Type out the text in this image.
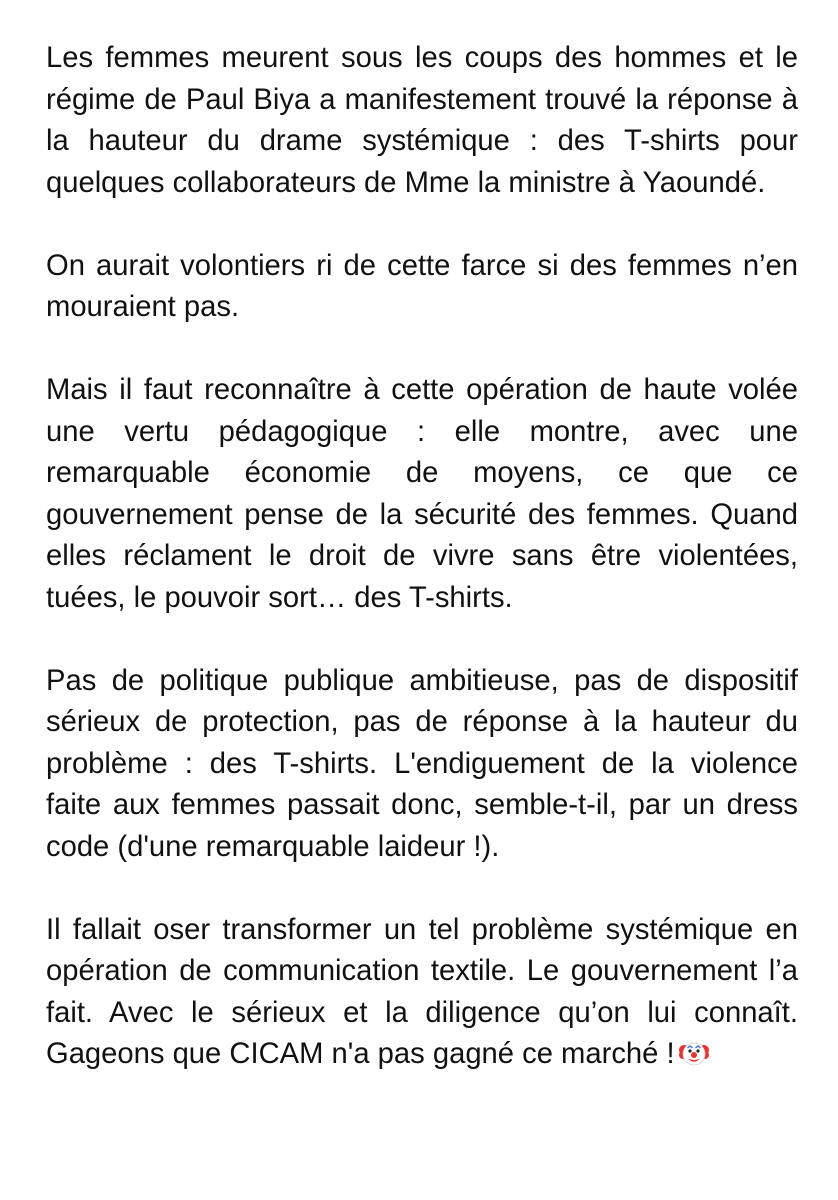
Les femmes meurent sous les coups des hommes et le régime de Paul Biya a manifestement trouvé la réponse à la hauteur du drame systémique : des T-shirts pour quelques collaborateurs de Mme la ministre à Yaoundé.

On aurait volontiers ri de cette farce si des femmes n’en mouraient pas.

Mais il faut reconnaître à cette opération de haute volée une vertu pédagogique : elle montre, avec une remarquable économie de moyens, ce que ce gouvernement pense de la sécurité des femmes. Quand elles réclament le droit de vivre sans être violentées, tuées, le pouvoir sort… des T-shirts.

Pas de politique publique ambitieuse, pas de dispositif sérieux de protection, pas de réponse à la hauteur du problème : des T-shirts. L'endiguement de la violence faite aux femmes passait donc, semble-t-il, par un dress code (d'une remarquable laideur !).

Il fallait oser transformer un tel problème systémique en opération de communication textile. Le gouvernement l’a fait. Avec le sérieux et la diligence qu’on lui connaît. Gageons que CICAM n'a pas gagné ce marché !
